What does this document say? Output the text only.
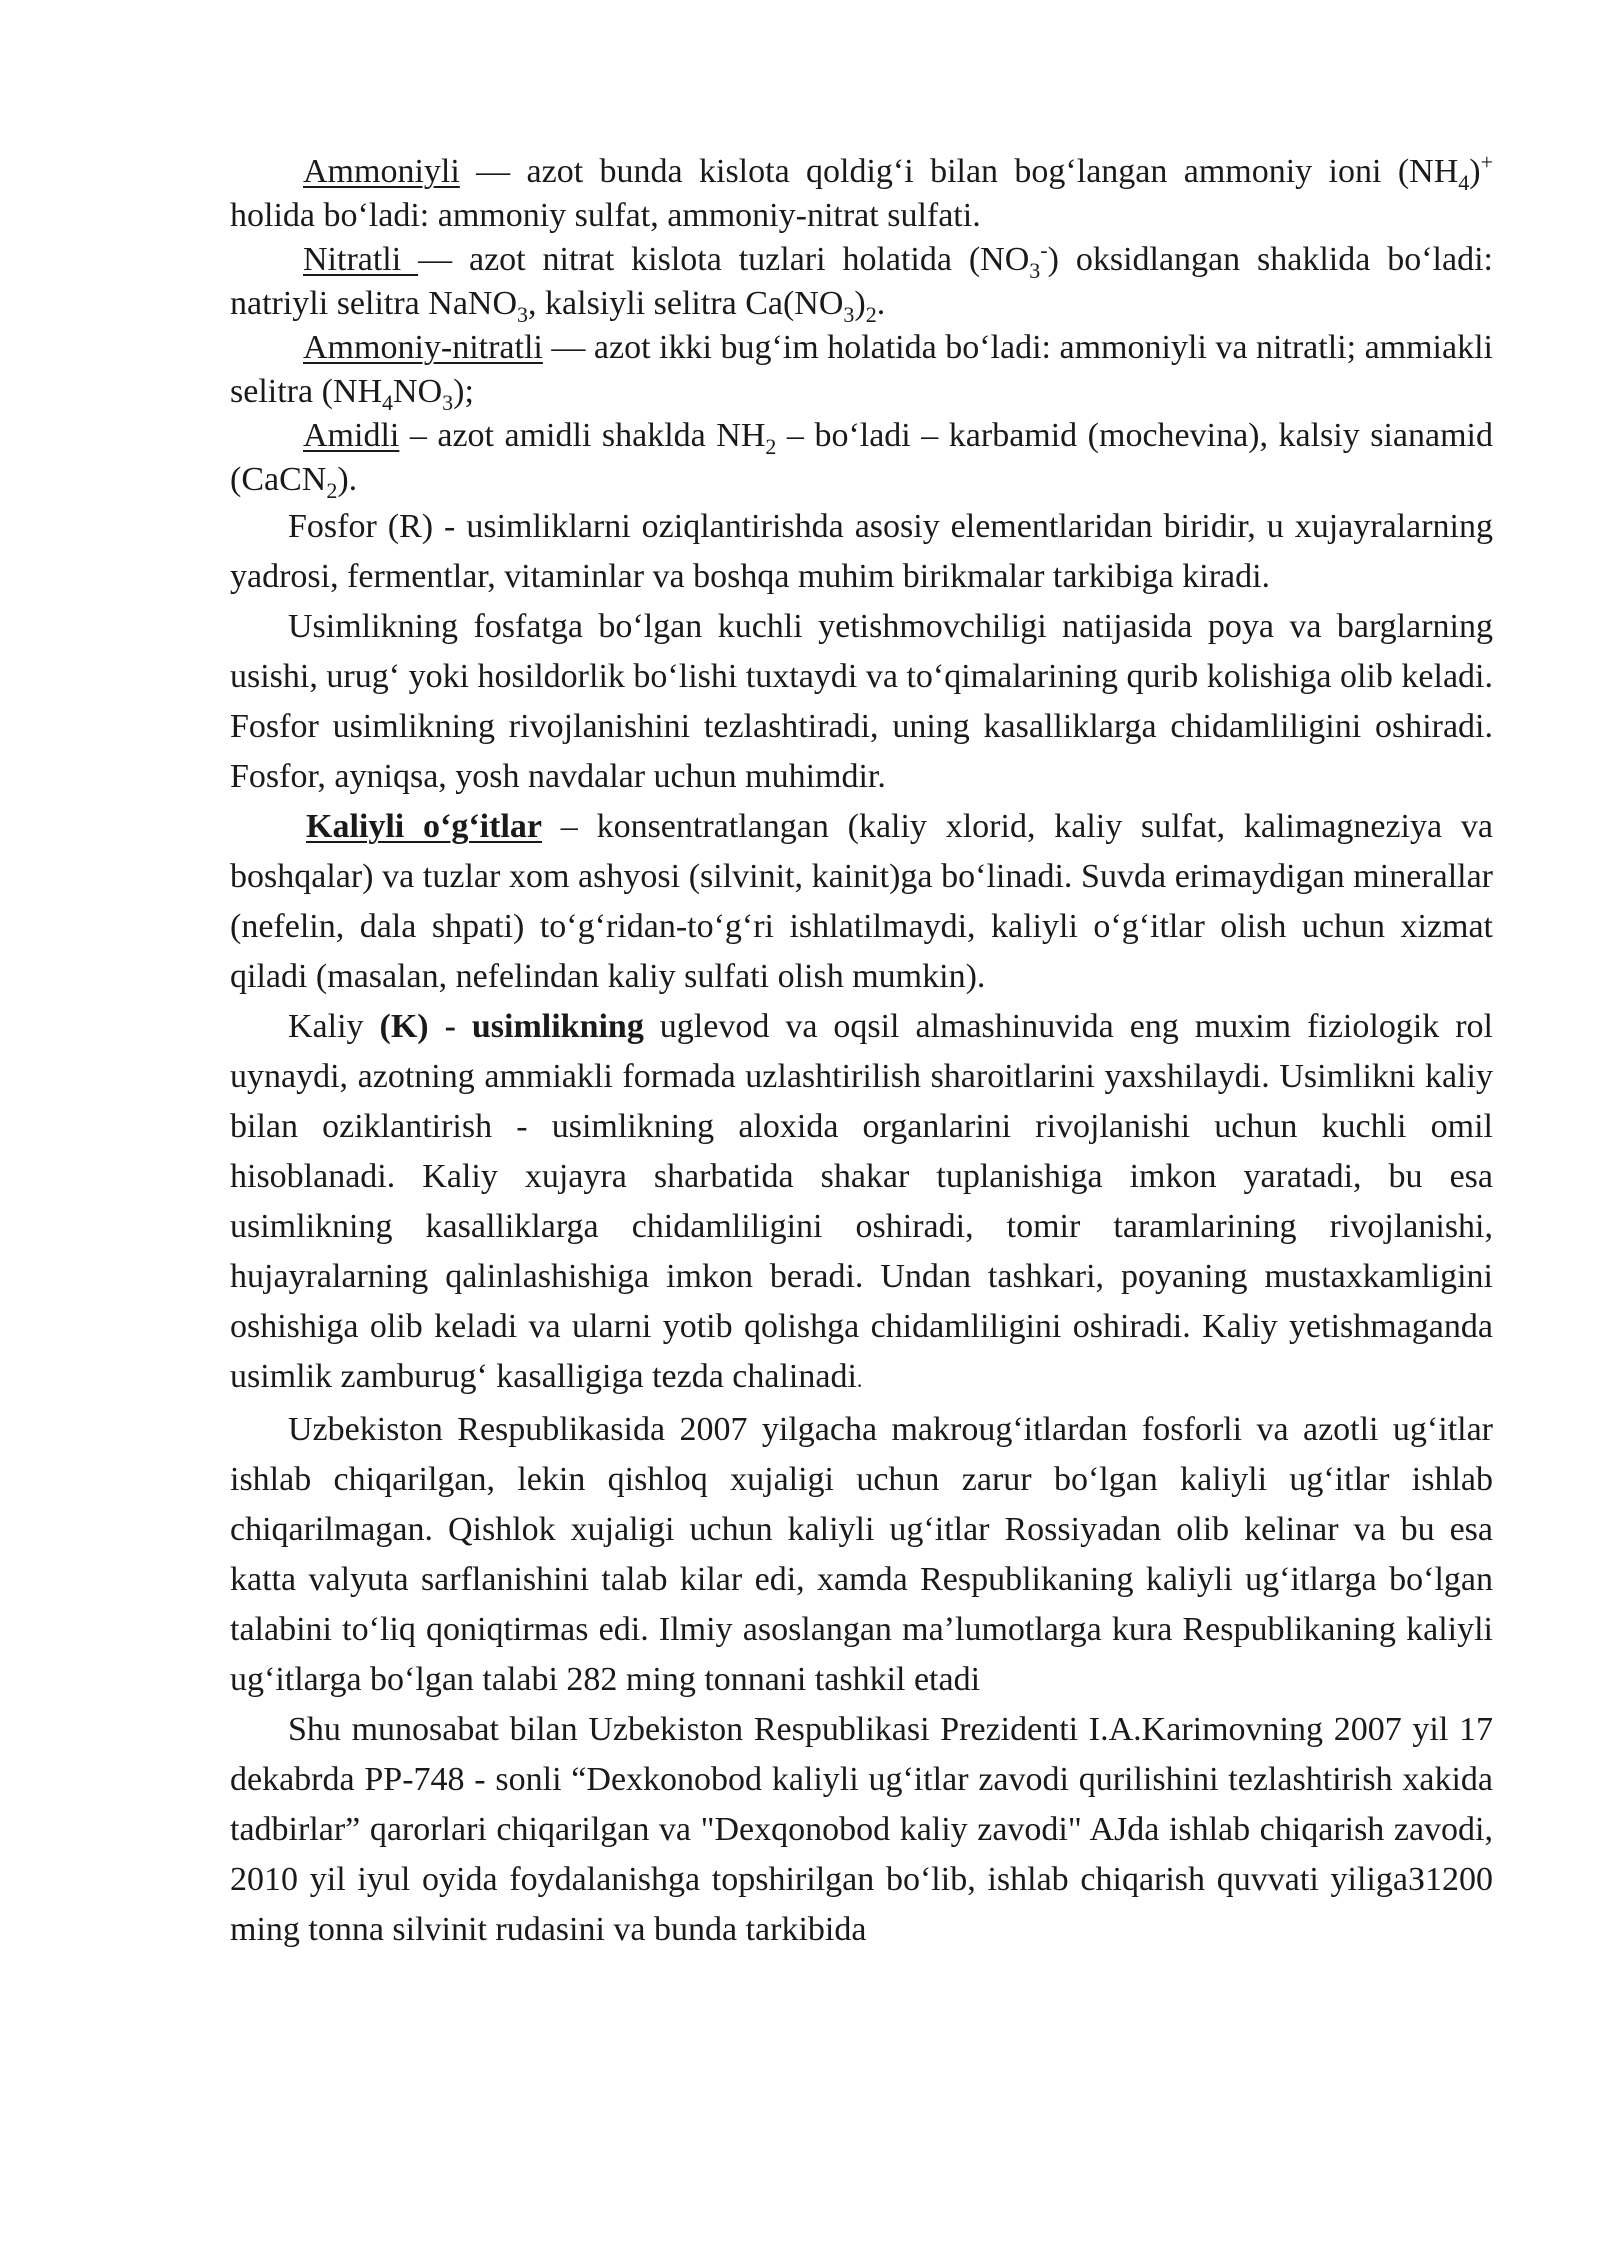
Ammoniyli — azot bunda kislota qoldigʻi bilan bogʻlangan ammoniy ioni $(NH_4)^+$ holida boʻladi: ammoniy sulfat, ammoniy-nitrat sulfati.

Nitratli — azot nitrat kislota tuzlari holatida $(NO_3^-)$ oksidlangan shaklida boʻladi: natriyli selitra NaNO$_3$, kalsiyli selitra $Ca(NO_3)_2$.

Ammoniy-nitratli — azot ikki bugʻim holatida boʻladi: ammoniyli va nitratli; ammiakli selitra $(NH_4NO_3)$;

Amidli – azot amidli shaklda $NH_2$ – boʻladi – karbamid (mochevina), kalsiy sianamid (CaCN$_2$).

Fosfor (R) - usimliklarni oziqlantirishda asosiy elementlaridan biridir, u xujayralarning yadrosi, fermentlar, vitaminlar va boshqa muhim birikmalar tarkibiga kiradi.

Usimlikning fosfatga boʻlgan kuchli yetishmovchiligi natijasida poya va barglarning usishi, urugʻ yoki hosildorlik boʻlishi tuxtaydi va toʻqimalarining qurib kolishiga olib keladi. Fosfor usimlikning rivojlanishini tezlashtiradi, uning kasalliklarga chidamliligini oshiradi. Fosfor, ayniqsa, yosh navdalar uchun muhimdir.

Kaliyli oʻgʻitlar – konsentratlangan (kaliy xlorid, kaliy sulfat, kalimagneziya va boshqalar) va tuzlar xom ashyosi (silvinit, kainit)ga boʻlinadi. Suvda erimaydigan minerallar (nefelin, dala shpati) toʻgʻridan-toʻgʻri ishlatilmaydi, kaliyli oʻgʻitlar olish uchun xizmat qiladi (masalan, nefelindan kaliy sulfati olish mumkin).

Kaliy (K) - usimlikning uglevod va oqsil almashinuvida eng muxim fiziologik rol uynaydi, azotning ammiakli formada uzlashtirilish sharoitlarini yaxshilaydi. Usimlikni kaliy bilan oziklantirish - usimlikning aloxida organlarini rivojlanishi uchun kuchli omil hisoblanadi. Kaliy xujayra sharbatida shakar tuplanishiga imkon yaratadi, bu esa usimlikning kasalliklarga chidamliligini oshiradi, tomir taramlarining rivojlanishi, hujayralarning qalinlashishiga imkon beradi. Undan tashkari, poyaning mustaxkamligini oshishiga olib keladi va ularni yotib qolishga chidamliligini oshiradi. Kaliy yetishmaganda usimlik zamburugʻ kasalligiga tezda chalinadi.

Uzbekiston Respublikasida 2007 yilgacha makrougʻitlardan fosforli va azotli ugʻitlar ishlab chiqarilgan, lekin qishloq xujaligi uchun zarur boʻlgan kaliyli ugʻitlar ishlab chiqarilmagan. Qishlok xujaligi uchun kaliyli ugʻitlar Rossiyadan olib kelinar va bu esa katta valyuta sarflanishini talab kilar edi, xamda Respublikaning kaliyli ugʻitlarga boʻlgan talabini toʻliq qoniqtirmas edi. Ilmiy asoslangan maʼlumotlarga kura Respublikaning kaliyli ugʻitlarga boʻlgan talabi 282 ming tonnani tashkil etadi

Shu munosabat bilan Uzbekiston Respublikasi Prezidenti I.A.Karimovning 2007 yil 17 dekabrda PP-748 - sonli “Dexkonobod kaliyli ugʻitlar zavodi qurilishini tezlashtirish xakida tadbirlar” qarorlari chiqarilgan va "Dexqonobod kaliy zavodi" AJda ishlab chiqarish zavodi, 2010 yil iyul oyida foydalanishga topshirilgan boʻlib, ishlab chiqarish quvvati yiligaЗ1200 ming tonna silvinit rudasini va bunda tarkibida
